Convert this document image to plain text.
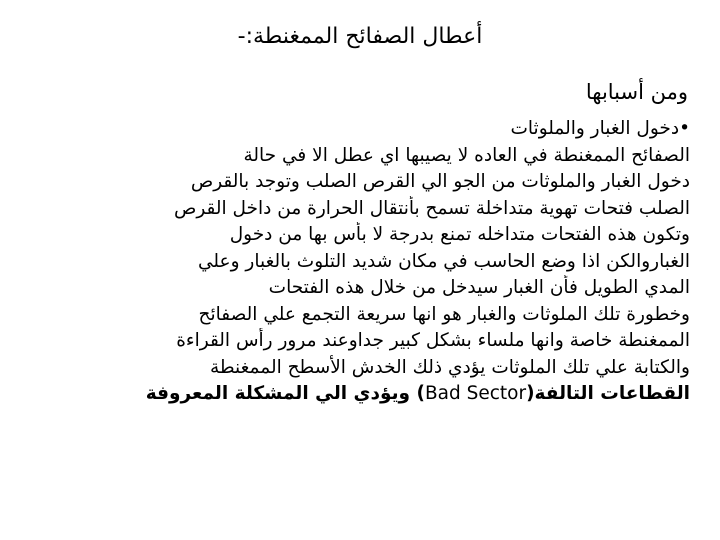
أعطال الصفائح الممغنطة:-
ومن أسبابها
•دخول الغبار والملوثات
الصفائح الممغنطة في العاده لا يصيبها اي عطل الا في حالة
دخول الغبار والملوثات من الجو الي القرص الصلب وتوجد بالقرص
الصلب فتحات تهوية متداخلة تسمح بأنتقال الحرارة من داخل القرص
وتكون هذه الفتحات متداخله تمنع بدرجة لا بأس بها من دخول
الغباروالكن اذا وضع الحاسب في مكان شديد التلوث بالغبار وعلي
المدي الطويل فأن الغبار سيدخل من خلال هذه الفتحات
وخطورة تلك الملوثات والغبار هو انها سريعة التجمع علي الصفائح
الممغنطة خاصة وانها ملساء بشكل كبير جداوعند مرور رأس القراءة
والكتابة علي تلك الملوثات يؤدي ذلك الخدش الأسطح الممغنطة
القطاعات التالفة(Bad Sector) ويؤدي الي المشكلة المعروفة
